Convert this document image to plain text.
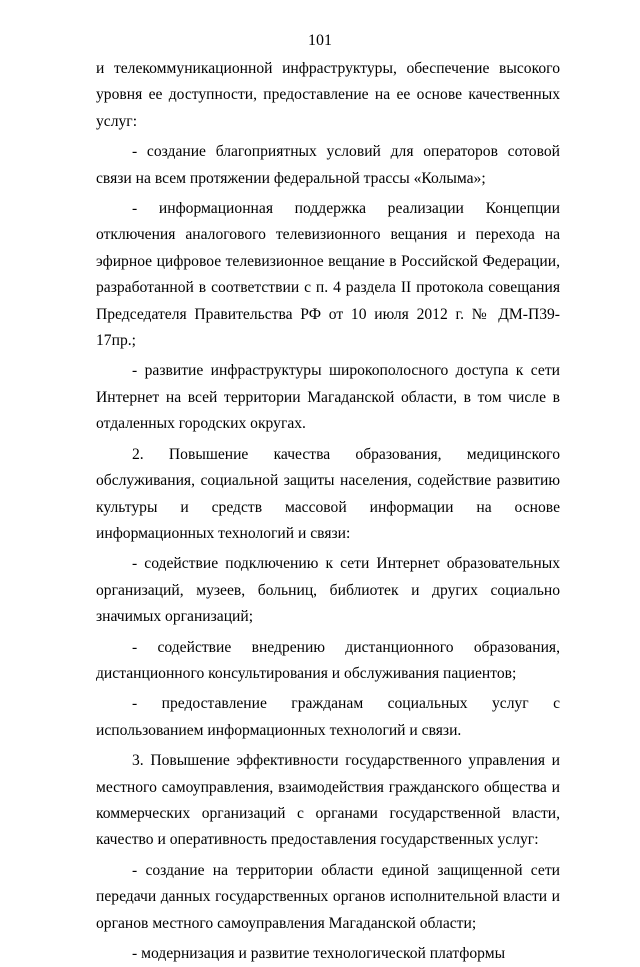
101

и телекоммуникационной инфраструктуры, обеспечение высокого уровня ее доступности, предоставление на ее основе качественных услуг:

- создание благоприятных условий для операторов сотовой связи на всем протяжении федеральной трассы «Колыма»;

- информационная поддержка реализации Концепции отключения аналогового телевизионного вещания и перехода на эфирное цифровое телевизионное вещание в Российской Федерации, разработанной в соответствии с п. 4 раздела II протокола совещания Председателя Правительства РФ от 10 июля 2012 г. № ДМ-П39-17пр.;

- развитие инфраструктуры широкополосного доступа к сети Интернет на всей территории Магаданской области, в том числе в отдаленных городских округах.

2. Повышение качества образования, медицинского обслуживания, социальной защиты населения, содействие развитию культуры и средств массовой информации на основе информационных технологий и связи:

- содействие подключению к сети Интернет образовательных организаций, музеев, больниц, библиотек и других социально значимых организаций;

- содействие внедрению дистанционного образования, дистанционного консультирования и обслуживания пациентов;

- предоставление гражданам социальных услуг с использованием информационных технологий и связи.

3. Повышение эффективности государственного управления и местного самоуправления, взаимодействия гражданского общества и коммерческих организаций с органами государственной власти, качество и оперативность предоставления государственных услуг:

- создание на территории области единой защищенной сети передачи данных государственных органов исполнительной власти и органов местного самоуправления Магаданской области;

- модернизация и развитие технологической платформы
